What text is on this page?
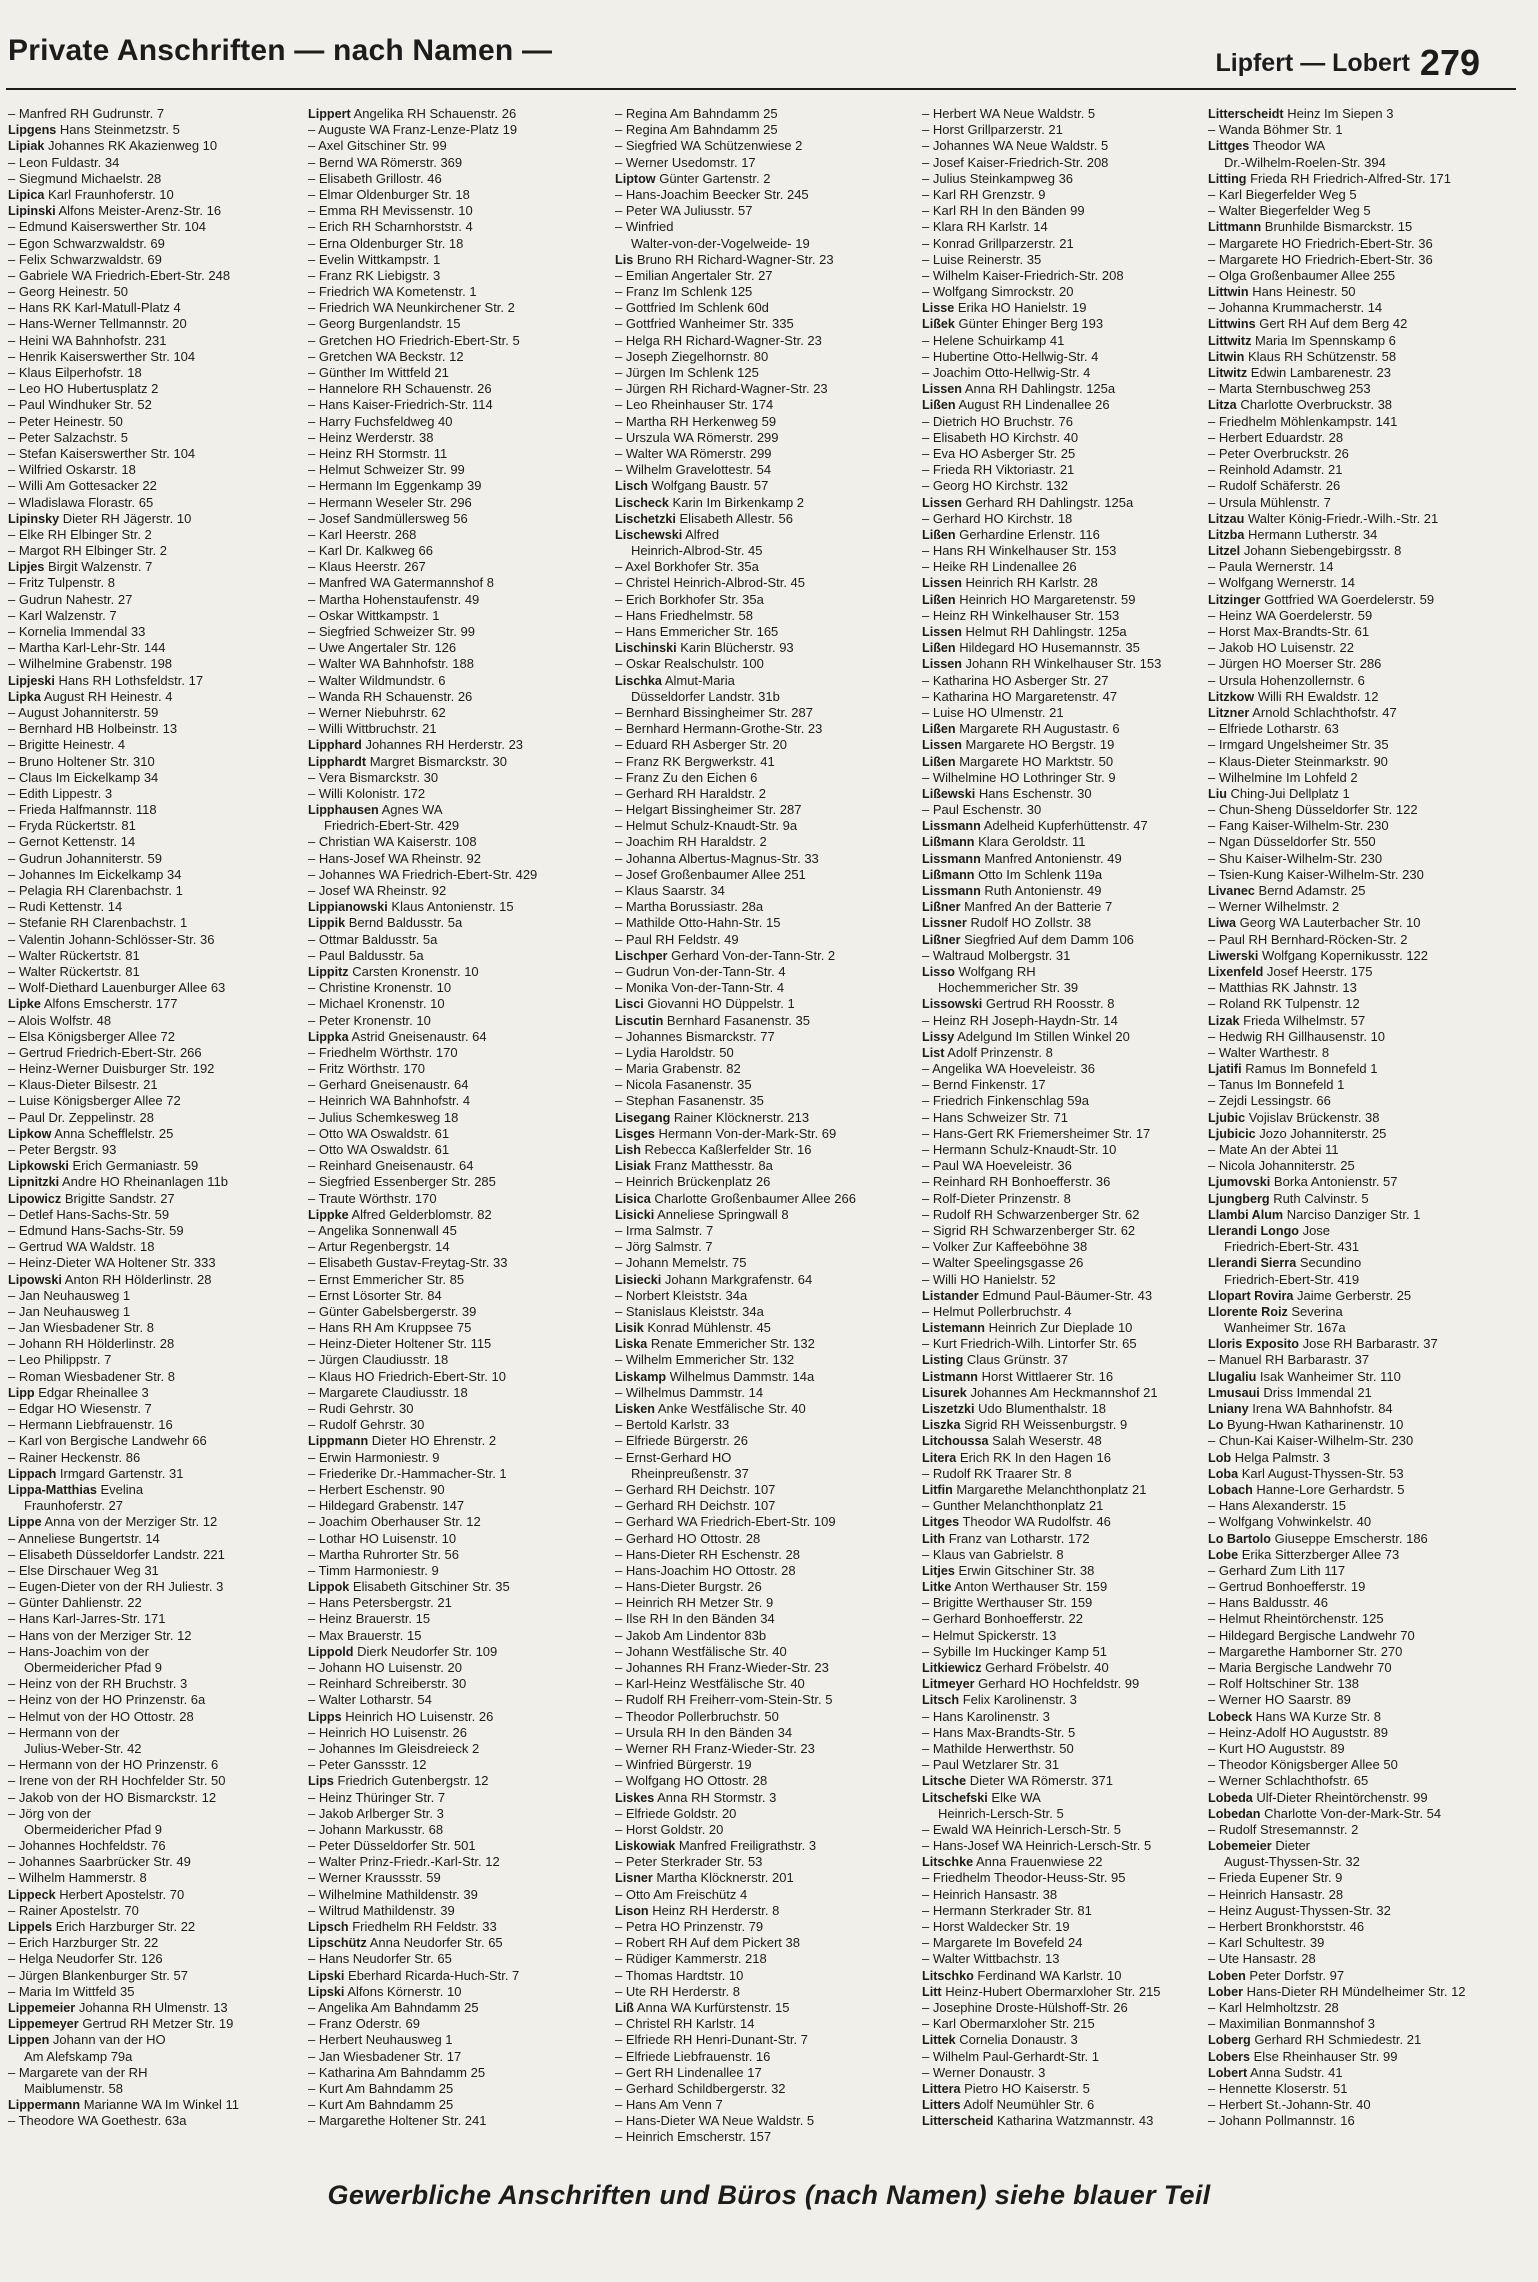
Private Anschriften — nach Namen —	Lipfert — Lobert 279
– Manfred RH Gudrunstr. 7
Lipgens Hans Steinmetzstr. 5
Lipiak Johannes RK Akazienweg 10
– Leon Fuldastr. 34
– Siegmund Michaelstr. 28
Lipica Karl Fraunhoferstr. 10
Lipinski Alfons Meister-Arenz-Str. 16
– Edmund Kaiserswerther Str. 104
– Egon Schwarzwaldstr. 69
– Felix Schwarzwaldstr. 69
– Gabriele WA Friedrich-Ebert-Str. 248
– Georg Heinestr. 50
– Hans RK Karl-Matull-Platz 4
– Hans-Werner Tellmannstr. 20
– Heini WA Bahnhofstr. 231
– Henrik Kaiserswerther Str. 104
– Klaus Eilperhofstr. 18
– Leo HO Hubertusplatz 2
– Paul Windhuker Str. 52
– Peter Heinestr. 50
– Peter Salzachstr. 5
– Stefan Kaiserswerther Str. 104
– Wilfried Oskarstr. 18
– Willi Am Gottesacker 22
– Wladislawa Florastr. 65
Lipinsky Dieter RH Jägerstr. 10
– Elke RH Elbinger Str. 2
– Margot RH Elbinger Str. 2
Lipjes Birgit Walzenstr. 7
– Fritz Tulpenstr. 8
– Gudrun Nahestr. 27
– Karl Walzenstr. 7
– Kornelia Immendal 33
– Martha Karl-Lehr-Str. 144
– Wilhelmine Grabenstr. 198
Lipjeski Hans RH Lothsfeldstr. 17
Lipka August RH Heinestr. 4
– August Johanniterstr. 59
– Bernhard HB Holbeinstr. 13
– Brigitte Heinestr. 4
– Bruno Holtener Str. 310
– Claus Im Eickelkamp 34
– Edith Lippestr. 3
– Frieda Halfmannstr. 118
– Fryda Rückertstr. 81
– Gernot Kettenstr. 14
– Gudrun Johanniterstr. 59
– Johannes Im Eickelkamp 34
– Pelagia RH Clarenbachstr. 1
– Rudi Kettenstr. 14
– Stefanie RH Clarenbachstr. 1
– Valentin Johann-Schlösser-Str. 36
– Walter Rückertstr. 81
– Walter Rückertstr. 81
– Wolf-Diethard Lauenburger Allee 63
Lipke Alfons Emscherstr. 177
– Alois Wolfstr. 48
– Elsa Königsberger Allee 72
– Gertrud Friedrich-Ebert-Str. 266
– Heinz-Werner Duisburger Str. 192
– Klaus-Dieter Bilsestr. 21
– Luise Königsberger Allee 72
– Paul Dr. Zeppelinstr. 28
Lipkow Anna Schefflelstr. 25
– Peter Bergstr. 93
Lipkowski Erich Germaniastr. 59
Lipnitzki Andre HO Rheinanlagen 11b
Lipowicz Brigitte Sandstr. 27
– Detlef Hans-Sachs-Str. 59
– Edmund Hans-Sachs-Str. 59
– Gertrud WA Waldstr. 18
– Heinz-Dieter WA Holtener Str. 333
Lipowski Anton RH Hölderlinstr. 28
– Jan Neuhausweg 1
– Jan Neuhausweg 1
– Jan Wiesbadener Str. 8
– Johann RH Hölderlinstr. 28
– Leo Philippstr. 7
– Roman Wiesbadener Str. 8
Lipp Edgar Rheinallee 3
– Edgar HO Wiesenstr. 7
– Hermann Liebfrauenstr. 16
– Karl von Bergische Landwehr 66
– Rainer Heckenstr. 86
Lippach Irmgard Gartenstr. 31
Lippa-Matthias Evelina
Fraunhoferstr. 27
Lippe Anna von der Merziger Str. 12
– Anneliese Bungertstr. 14
– Elisabeth Düsseldorfer Landstr. 221
– Else Dirschauer Weg 31
– Eugen-Dieter von der RH Juliestr. 3
– Günter Dahlienstr. 22
– Hans Karl-Jarres-Str. 171
– Hans von der Merziger Str. 12
– Hans-Joachim von der
Obermeidericher Pfad 9
– Heinz von der RH Bruchstr. 3
– Heinz von der HO Prinzenstr. 6a
– Helmut von der HO Ottostr. 28
– Hermann von der
Julius-Weber-Str. 42
– Hermann von der HO Prinzenstr. 6
– Irene von der RH Hochfelder Str. 50
– Jakob von der HO Bismarckstr. 12
– Jörg von der
Obermeidericher Pfad 9
– Johannes Hochfeldstr. 76
– Johannes Saarbrücker Str. 49
– Wilhelm Hammerstr. 8
Lippeck Herbert Apostelstr. 70
– Rainer Apostelstr. 70
Lippels Erich Harzburger Str. 22
– Erich Harzburger Str. 22
– Helga Neudorfer Str. 126
– Jürgen Blankenburger Str. 57
– Maria Im Wittfeld 35
Lippemeier Johanna RH Ulmenstr. 13
Lippemeyer Gertrud RH Metzer Str. 19
Lippen Johann van der HO
Am Alefskamp 79a
– Margarete van der RH
Maiblumenstr. 58
Lippermann Marianne WA Im Winkel 11
– Theodore WA Goethestr. 63a
Lippert Angelika RH Schauenstr. 26
– Auguste WA Franz-Lenze-Platz 19
– Axel Gitschiner Str. 99
– Bernd WA Römerstr. 369
– Elisabeth Grillostr. 46
– Elmar Oldenburger Str. 18
– Emma RH Mevissenstr. 10
– Erich RH Scharnhorststr. 4
– Erna Oldenburger Str. 18
– Evelin Wittkampstr. 1
– Franz RK Liebigstr. 3
– Friedrich WA Kometenstr. 1
– Friedrich WA Neunkirchener Str. 2
– Georg Burgenlandstr. 15
– Gretchen HO Friedrich-Ebert-Str. 5
– Gretchen WA Beckstr. 12
– Günther Im Wittfeld 21
– Hannelore RH Schauenstr. 26
– Hans Kaiser-Friedrich-Str. 114
– Harry Fuchsfeldweg 40
– Heinz Werderstr. 38
– Heinz RH Stormstr. 11
– Helmut Schweizer Str. 99
– Hermann Im Eggenkamp 39
– Hermann Weseler Str. 296
– Josef Sandmüllersweg 56
– Karl Heerstr. 268
– Karl Dr. Kalkweg 66
– Klaus Heerstr. 267
– Manfred WA Gatermannshof 8
– Martha Hohenstaufenstr. 49
– Oskar Wittkampstr. 1
– Siegfried Schweizer Str. 99
– Uwe Angertaler Str. 126
– Walter WA Bahnhofstr. 188
– Walter Wildmundstr. 6
– Wanda RH Schauenstr. 26
– Werner Niebuhrstr. 62
– Willi Wittbruchstr. 21
Lipphard Johannes RH Herderstr. 23
Lipphardt Margret Bismarckstr. 30
– Vera Bismarckstr. 30
– Willi Kolonistr. 172
Lipphausen Agnes WA
Friedrich-Ebert-Str. 429
– Christian WA Kaiserstr. 108
– Hans-Josef WA Rheinstr. 92
– Johannes WA Friedrich-Ebert-Str. 429
– Josef WA Rheinstr. 92
Lippianowski Klaus Antonienstr. 15
Lippik Bernd Baldusstr. 5a
– Ottmar Baldusstr. 5a
– Paul Baldusstr. 5a
Lippitz Carsten Kronenstr. 10
– Christine Kronenstr. 10
– Michael Kronenstr. 10
– Peter Kronenstr. 10
Lippka Astrid Gneisenaustr. 64
– Friedhelm Wörthstr. 170
– Fritz Wörthstr. 170
– Gerhard Gneisenaustr. 64
– Heinrich WA Bahnhofstr. 4
– Julius Schemkesweg 18
– Otto WA Oswaldstr. 61
– Otto WA Oswaldstr. 61
– Reinhard Gneisenaustr. 64
– Siegfried Essenberger Str. 285
– Traute Wörthstr. 170
Lippke Alfred Gelderblomstr. 82
– Angelika Sonnenwall 45
– Artur Regenbergstr. 14
– Elisabeth Gustav-Freytag-Str. 33
– Ernst Emmericher Str. 85
– Ernst Lösorter Str. 84
– Günter Gabelsbergerstr. 39
– Hans RH Am Kruppsee 75
– Heinz-Dieter Holtener Str. 115
– Jürgen Claudiusstr. 18
– Klaus HO Friedrich-Ebert-Str. 10
– Margarete Claudiusstr. 18
– Rudi Gehrstr. 30
– Rudolf Gehrstr. 30
Lippmann Dieter HO Ehrenstr. 2
– Erwin Harmoniestr. 9
– Friederike Dr.-Hammacher-Str. 1
– Herbert Eschenstr. 90
– Hildegard Grabenstr. 147
– Joachim Oberhauser Str. 12
– Lothar HO Luisenstr. 10
– Martha Ruhrorter Str. 56
– Timm Harmoniestr. 9
Lippok Elisabeth Gitschiner Str. 35
– Hans Petersbergstr. 21
– Heinz Brauerstr. 15
– Max Brauerstr. 15
Lippold Dierk Neudorfer Str. 109
– Johann HO Luisenstr. 20
– Reinhard Schreiberstr. 30
– Walter Lotharstr. 54
Lipps Heinrich HO Luisenstr. 26
– Heinrich HO Luisenstr. 26
– Johannes Im Gleisdreieck 2
– Peter Ganssstr. 12
Lips Friedrich Gutenbergstr. 12
– Heinz Thüringer Str. 7
– Jakob Arlberger Str. 3
– Johann Markusstr. 68
– Peter Düsseldorfer Str. 501
– Walter Prinz-Friedr.-Karl-Str. 12
– Werner Kraussstr. 59
– Wilhelmine Mathildenstr. 39
– Wiltrud Mathildenstr. 39
Lipsch Friedhelm RH Feldstr. 33
Lipschütz Anna Neudorfer Str. 65
– Hans Neudorfer Str. 65
Lipski Eberhard Ricarda-Huch-Str. 7
Lipski Alfons Körnerstr. 10
– Angelika Am Bahndamm 25
– Franz Oderstr. 69
– Herbert Neuhausweg 1
– Jan Wiesbadener Str. 17
– Katharina Am Bahndamm 25
– Kurt Am Bahndamm 25
– Kurt Am Bahndamm 25
– Margarethe Holtener Str. 241
– Regina Am Bahndamm 25
– Regina Am Bahndamm 25
– Siegfried WA Schützenwiese 2
– Werner Usedomstr. 17
Liptow Günter Gartenstr. 2
– Hans-Joachim Beecker Str. 245
– Peter WA Juliusstr. 57
– Winfried
Walter-von-der-Vogelweide- 19
Lis Bruno RH Richard-Wagner-Str. 23
– Emilian Angertaler Str. 27
– Franz Im Schlenk 125
– Gottfried Im Schlenk 60d
– Gottfried Wanheimer Str. 335
– Helga RH Richard-Wagner-Str. 23
– Joseph Ziegelhornstr. 80
– Jürgen Im Schlenk 125
– Jürgen RH Richard-Wagner-Str. 23
– Leo Rheinhauser Str. 174
– Martha RH Herkenweg 59
– Urszula WA Römerstr. 299
– Walter WA Römerstr. 299
– Wilhelm Gravelottestr. 54
Lisch Wolfgang Baustr. 57
Lischeck Karin Im Birkenkamp 2
Lischetzki Elisabeth Allestr. 56
Lischewski Alfred
Heinrich-Albrod-Str. 45
– Axel Borkhofer Str. 35a
– Christel Heinrich-Albrod-Str. 45
– Erich Borkhofer Str. 35a
– Hans Friedhelmstr. 58
– Hans Emmericher Str. 165
Lischinski Karin Blücherstr. 93
– Oskar Realschulstr. 100
Lischka Almut-Maria
Düsseldorfer Landstr. 31b
– Bernhard Bissingheimer Str. 287
– Bernhard Hermann-Grothe-Str. 23
– Eduard RH Asberger Str. 20
– Franz RK Bergwerkstr. 41
– Franz Zu den Eichen 6
– Gerhard RH Haraldstr. 2
– Helgart Bissingheimer Str. 287
– Helmut Schulz-Knaudt-Str. 9a
– Joachim RH Haraldstr. 2
– Johanna Albertus-Magnus-Str. 33
– Josef Großenbaumer Allee 251
– Klaus Saarstr. 34
– Martha Borussiastr. 28a
– Mathilde Otto-Hahn-Str. 15
– Paul RH Feldstr. 49
Lischper Gerhard Von-der-Tann-Str. 2
– Gudrun Von-der-Tann-Str. 4
– Monika Von-der-Tann-Str. 4
Lisci Giovanni HO Düppelstr. 1
Liscutin Bernhard Fasanenstr. 35
– Johannes Bismarckstr. 77
– Lydia Haroldstr. 50
– Maria Grabenstr. 82
– Nicola Fasanenstr. 35
– Stephan Fasanenstr. 35
Lisegang Rainer Klöcknerstr. 213
Lisges Hermann Von-der-Mark-Str. 69
Lish Rebecca Kaßlerfelder Str. 16
Lisiak Franz Matthesstr. 8a
– Heinrich Brückenplatz 26
Lisica Charlotte Großenbaumer Allee 266
Lisicki Anneliese Springwall 8
– Irma Salmstr. 7
– Jörg Salmstr. 7
– Johann Memelstr. 75
Lisiecki Johann Markgrafenstr. 64
– Norbert Kleiststr. 34a
– Stanislaus Kleiststr. 34a
Lisik Konrad Mühlenstr. 45
Liska Renate Emmericher Str. 132
– Wilhelm Emmericher Str. 132
Liskamp Wilhelmus Dammstr. 14a
– Wilhelmus Dammstr. 14
Lisken Anke Westfälische Str. 40
– Bertold Karlstr. 33
– Elfriede Bürgerstr. 26
– Ernst-Gerhard HO
Rheinpreußenstr. 37
– Gerhard RH Deichstr. 107
– Gerhard RH Deichstr. 107
– Gerhard WA Friedrich-Ebert-Str. 109
– Gerhard HO Ottostr. 28
– Hans-Dieter RH Eschenstr. 28
– Hans-Joachim HO Ottostr. 28
– Hans-Dieter Burgstr. 26
– Heinrich RH Metzer Str. 9
– Ilse RH In den Bänden 34
– Jakob Am Lindentor 83b
– Johann Westfälische Str. 40
– Johannes RH Franz-Wieder-Str. 23
– Karl-Heinz Westfälische Str. 40
– Rudolf RH Freiherr-vom-Stein-Str. 5
– Theodor Pollerbruchstr. 50
– Ursula RH In den Bänden 34
– Werner RH Franz-Wieder-Str. 23
– Winfried Bürgerstr. 19
– Wolfgang HO Ottostr. 28
Liskes Anna RH Stormstr. 3
– Elfriede Goldstr. 20
– Horst Goldstr. 20
Liskowiak Manfred Freiligrathstr. 3
– Peter Sterkrader Str. 53
Lisner Martha Klöcknerstr. 201
– Otto Am Freischütz 4
Lison Heinz RH Herderstr. 8
– Petra HO Prinzenstr. 79
– Robert RH Auf dem Pickert 38
– Rüdiger Kammerstr. 218
– Thomas Hardtstr. 10
– Ute RH Herderstr. 8
Liß Anna WA Kurfürstenstr. 15
– Christel RH Karlstr. 14
– Elfriede RH Henri-Dunant-Str. 7
– Elfriede Liebfrauenstr. 16
– Gert RH Lindenallee 17
– Gerhard Schildbergerstr. 32
– Hans Am Venn 7
– Hans-Dieter WA Neue Waldstr. 5
– Heinrich Emscherstr. 157
– Herbert WA Neue Waldstr. 5
– Horst Grillparzerstr. 21
– Johannes WA Neue Waldstr. 5
– Josef Kaiser-Friedrich-Str. 208
– Julius Steinkampweg 36
– Karl RH Grenzstr. 9
– Karl RH In den Bänden 99
– Klara RH Karlstr. 14
– Konrad Grillparzerstr. 21
– Luise Reinerstr. 35
– Wilhelm Kaiser-Friedrich-Str. 208
– Wolfgang Simrockstr. 20
Lisse Erika HO Hanielstr. 19
Lißek Günter Ehinger Berg 193
– Helene Schuirkamp 41
– Hubertine Otto-Hellwig-Str. 4
– Joachim Otto-Hellwig-Str. 4
Lissen Anna RH Dahlingstr. 125a
Lißen August RH Lindenallee 26
– Dietrich HO Bruchstr. 76
– Elisabeth HO Kirchstr. 40
– Eva HO Asberger Str. 25
– Frieda RH Viktoriastr. 21
– Georg HO Kirchstr. 132
Lissen Gerhard RH Dahlingstr. 125a
– Gerhard HO Kirchstr. 18
Lißen Gerhardine Erlenstr. 116
– Hans RH Winkelhauser Str. 153
– Heike RH Lindenallee 26
Lissen Heinrich RH Karlstr. 28
Lißen Heinrich HO Margaretenstr. 59
– Heinz RH Winkelhauser Str. 153
Lissen Helmut RH Dahlingstr. 125a
Lißen Hildegard HO Husemannstr. 35
Lissen Johann RH Winkelhauser Str. 153
– Katharina HO Asberger Str. 27
– Katharina HO Margaretenstr. 47
– Luise HO Ulmenstr. 21
Lißen Margarete RH Augustastr. 6
Lissen Margarete HO Bergstr. 19
Lißen Margarete HO Marktstr. 50
– Wilhelmine HO Lothringer Str. 9
Lißewski Hans Eschenstr. 30
– Paul Eschenstr. 30
Lissmann Adelheid Kupferhüttenstr. 47
Lißmann Klara Geroldstr. 11
Lissmann Manfred Antonienstr. 49
Lißmann Otto Im Schlenk 119a
Lissmann Ruth Antonienstr. 49
Lißner Manfred An der Batterie 7
Lissner Rudolf HO Zollstr. 38
Lißner Siegfried Auf dem Damm 106
– Waltraud Molbergstr. 31
Lisso Wolfgang RH
Hochemmericher Str. 39
Lissowski Gertrud RH Roosstr. 8
– Heinz RH Joseph-Haydn-Str. 14
Lissy Adelgund Im Stillen Winkel 20
List Adolf Prinzenstr. 8
– Angelika WA Hoeveleistr. 36
– Bernd Finkenstr. 17
– Friedrich Finkenschlag 59a
– Hans Schweizer Str. 71
– Hans-Gert RK Friemersheimer Str. 17
– Hermann Schulz-Knaudt-Str. 10
– Paul WA Hoeveleistr. 36
– Reinhard RH Bonhoefferstr. 36
– Rolf-Dieter Prinzenstr. 8
– Rudolf RH Schwarzenberger Str. 62
– Sigrid RH Schwarzenberger Str. 62
– Volker Zur Kaffeeböhne 38
– Walter Speelingsgasse 26
– Willi HO Hanielstr. 52
Listander Edmund Paul-Bäumer-Str. 43
– Helmut Pollerbruchstr. 4
Listemann Heinrich Zur Dieplade 10
– Kurt Friedrich-Wilh. Lintorfer Str. 65
Listing Claus Grünstr. 37
Listmann Horst Wittlaerer Str. 16
Lisurek Johannes Am Heckmannshof 21
Liszetzki Udo Blumenthalstr. 18
Liszka Sigrid RH Weissenburgstr. 9
Litchoussa Salah Weserstr. 48
Litera Erich RK In den Hagen 16
– Rudolf RK Traarer Str. 8
Litfin Margarethe Melanchthonplatz 21
– Gunther Melanchthonplatz 21
Litges Theodor WA Rudolfstr. 46
Lith Franz van Lotharstr. 172
– Klaus van Gabrielstr. 8
Litjes Erwin Gitschiner Str. 38
Litke Anton Werthauser Str. 159
– Brigitte Werthauser Str. 159
– Gerhard Bonhoefferstr. 22
– Helmut Spickerstr. 13
– Sybille Im Huckinger Kamp 51
Litkiewicz Gerhard Fröbelstr. 40
Litmeyer Gerhard HO Hochfeldstr. 99
Litsch Felix Karolinenstr. 3
– Hans Karolinenstr. 3
– Hans Max-Brandts-Str. 5
– Mathilde Herwerthstr. 50
– Paul Wetzlarer Str. 31
Litsche Dieter WA Römerstr. 371
Litschefski Elke WA
Heinrich-Lersch-Str. 5
– Ewald WA Heinrich-Lersch-Str. 5
– Hans-Josef WA Heinrich-Lersch-Str. 5
Litschke Anna Frauenwiese 22
– Friedhelm Theodor-Heuss-Str. 95
– Heinrich Hansastr. 38
– Hermann Sterkrader Str. 81
– Horst Waldecker Str. 19
– Margarete Im Bovefeld 24
– Walter Wittbachstr. 13
Litschko Ferdinand WA Karlstr. 10
Litt Heinz-Hubert Obermarxloher Str. 215
– Josephine Droste-Hülshoff-Str. 26
– Karl Obermarxloher Str. 215
Littek Cornelia Donaustr. 3
– Wilhelm Paul-Gerhardt-Str. 1
– Werner Donaustr. 3
Littera Pietro HO Kaiserstr. 5
Litters Adolf Neumühler Str. 6
Litterscheid Katharina Watzmannstr. 43
Litterscheidt Heinz Im Siepen 3
– Wanda Böhmer Str. 1
Littges Theodor WA
Dr.-Wilhelm-Roelen-Str. 394
Litting Frieda RH Friedrich-Alfred-Str. 171
– Karl Biegerfelder Weg 5
– Walter Biegerfelder Weg 5
Littmann Brunhilde Bismarckstr. 15
– Margarete HO Friedrich-Ebert-Str. 36
– Margarete HO Friedrich-Ebert-Str. 36
– Olga Großenbaumer Allee 255
Littwin Hans Heinestr. 50
– Johanna Krummacherstr. 14
Littwins Gert RH Auf dem Berg 42
Littwitz Maria Im Spennskamp 6
Litwin Klaus RH Schützenstr. 58
Litwitz Edwin Lambarenestr. 23
– Marta Sternbuschweg 253
Litza Charlotte Overbruckstr. 38
– Friedhelm Möhlenkampstr. 141
– Herbert Eduardstr. 28
– Peter Overbruckstr. 26
– Reinhold Adamstr. 21
– Rudolf Schäferstr. 26
– Ursula Mühlenstr. 7
Litzau Walter König-Friedr.-Wilh.-Str. 21
Litzba Hermann Lutherstr. 34
Litzel Johann Siebengebirgsstr. 8
– Paula Wernerstr. 14
– Wolfgang Wernerstr. 14
Litzinger Gottfried WA Goerdelerstr. 59
– Heinz WA Goerdelerstr. 59
– Horst Max-Brandts-Str. 61
– Jakob HO Luisenstr. 22
– Jürgen HO Moerser Str. 286
– Ursula Hohenzollernstr. 6
Litzkow Willi RH Ewaldstr. 12
Litzner Arnold Schlachthofstr. 47
– Elfriede Lotharstr. 63
– Irmgard Ungelsheimer Str. 35
– Klaus-Dieter Steinmarkstr. 90
– Wilhelmine Im Lohfeld 2
Liu Ching-Jui Dellplatz 1
– Chun-Sheng Düsseldorfer Str. 122
– Fang Kaiser-Wilhelm-Str. 230
– Ngan Düsseldorfer Str. 550
– Shu Kaiser-Wilhelm-Str. 230
– Tsien-Kung Kaiser-Wilhelm-Str. 230
Livanec Bernd Adamstr. 25
– Werner Wilhelmstr. 2
Liwa Georg WA Lauterbacher Str. 10
– Paul RH Bernhard-Röcken-Str. 2
Liwerski Wolfgang Kopernikusstr. 122
Lixenfeld Josef Heerstr. 175
– Matthias RK Jahnstr. 13
– Roland RK Tulpenstr. 12
Lizak Frieda Wilhelmstr. 57
– Hedwig RH Gillhausenstr. 10
– Walter Warthestr. 8
Ljatifi Ramus Im Bonnefeld 1
– Tanus Im Bonnefeld 1
– Zejdi Lessingstr. 66
Ljubic Vojislav Brückenstr. 38
Ljubicic Jozo Johanniterstr. 25
– Mate An der Abtei 11
– Nicola Johanniterstr. 25
Ljumovski Borka Antonienstr. 57
Ljungberg Ruth Calvinstr. 5
Llambi Alum Narciso Danziger Str. 1
Llerandi Longo Jose
Friedrich-Ebert-Str. 431
Llerandi Sierra Secundino
Friedrich-Ebert-Str. 419
Llopart Rovira Jaime Gerberstr. 25
Llorente Roiz Severina
Wanheimer Str. 167a
Lloris Exposito Jose RH Barbarastr. 37
– Manuel RH Barbarastr. 37
Llugaliu Isak Wanheimer Str. 110
Lmusaui Driss Immendal 21
Lniany Irena WA Bahnhofstr. 84
Lo Byung-Hwan Katharinenstr. 10
– Chun-Kai Kaiser-Wilhelm-Str. 230
Lob Helga Palmstr. 3
Loba Karl August-Thyssen-Str. 53
Lobach Hanne-Lore Gerhardstr. 5
– Hans Alexanderstr. 15
– Wolfgang Vohwinkelstr. 40
Lo Bartolo Giuseppe Emscherstr. 186
Lobe Erika Sitterzberger Allee 73
– Gerhard Zum Lith 117
– Gertrud Bonhoefferstr. 19
– Hans Baldusstr. 46
– Helmut Rheintörchenstr. 125
– Hildegard Bergische Landwehr 70
– Margarethe Hamborner Str. 270
– Maria Bergische Landwehr 70
– Rolf Holtschiner Str. 138
– Werner HO Saarstr. 89
Lobeck Hans WA Kurze Str. 8
– Heinz-Adolf HO Auguststr. 89
– Kurt HO Auguststr. 89
– Theodor Königsberger Allee 50
– Werner Schlachthofstr. 65
Lobeda Ulf-Dieter Rheintörchenstr. 99
Lobedan Charlotte Von-der-Mark-Str. 54
– Rudolf Stresemannstr. 2
Lobemeier Dieter
August-Thyssen-Str. 32
– Frieda Eupener Str. 9
– Heinrich Hansastr. 28
– Heinz August-Thyssen-Str. 32
– Herbert Bronkhorststr. 46
– Karl Schultestr. 39
– Ute Hansastr. 28
Loben Peter Dorfstr. 97
Lober Hans-Dieter RH Mündelheimer Str. 12
– Karl Helmholtzstr. 28
– Maximilian Bonmannshof 3
Loberg Gerhard RH Schmiedestr. 21
Lobers Else Rheinhauser Str. 99
Lobert Anna Sudstr. 41
– Hennette Kloserstr. 51
– Herbert St.-Johann-Str. 40
– Johann Pollmannstr. 16
Gewerbliche Anschriften und Büros (nach Namen) siehe blauer Teil
